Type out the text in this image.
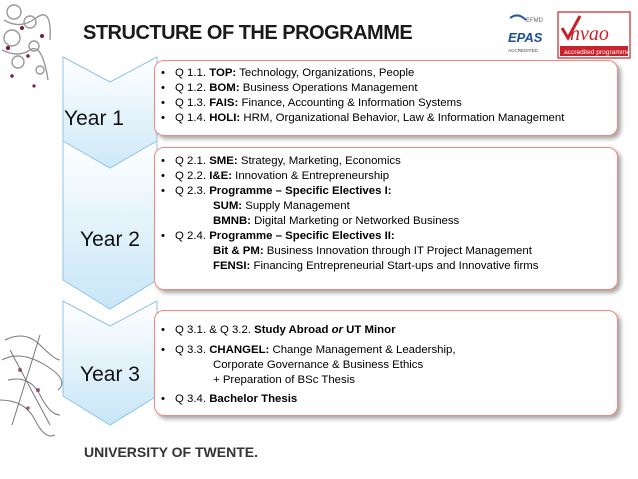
STRUCTURE OF THE PROGRAMME
EFMD
EPAS
ACCREDITED
nvao
accredited programme
Year 1
• Q 1.1. TOP: Technology, Organizations, People
• Q 1.2. BOM: Business Operations Management
• Q 1.3. FAIS: Finance, Accounting & Information Systems
• Q 1.4. HOLI: HRM, Organizational Behavior, Law & Information Management
Year 2
• Q 2.1. SME: Strategy, Marketing, Economics
• Q 2.2. I&E: Innovation & Entrepreneurship
• Q 2.3. Programme – Specific Electives I:
SUM: Supply Management
BMNB: Digital Marketing or Networked Business
• Q 2.4. Programme – Specific Electives II:
Bit & PM: Business Innovation through IT Project Management
FENSI: Financing Entrepreneurial Start-ups and Innovative firms
Year 3
• Q 3.1. & Q 3.2. Study Abroad or UT Minor
• Q 3.3. CHANGEL: Change Management & Leadership,
Corporate Governance & Business Ethics
+ Preparation of BSc Thesis
• Q 3.4. Bachelor Thesis
UNIVERSITY OF TWENTE.
